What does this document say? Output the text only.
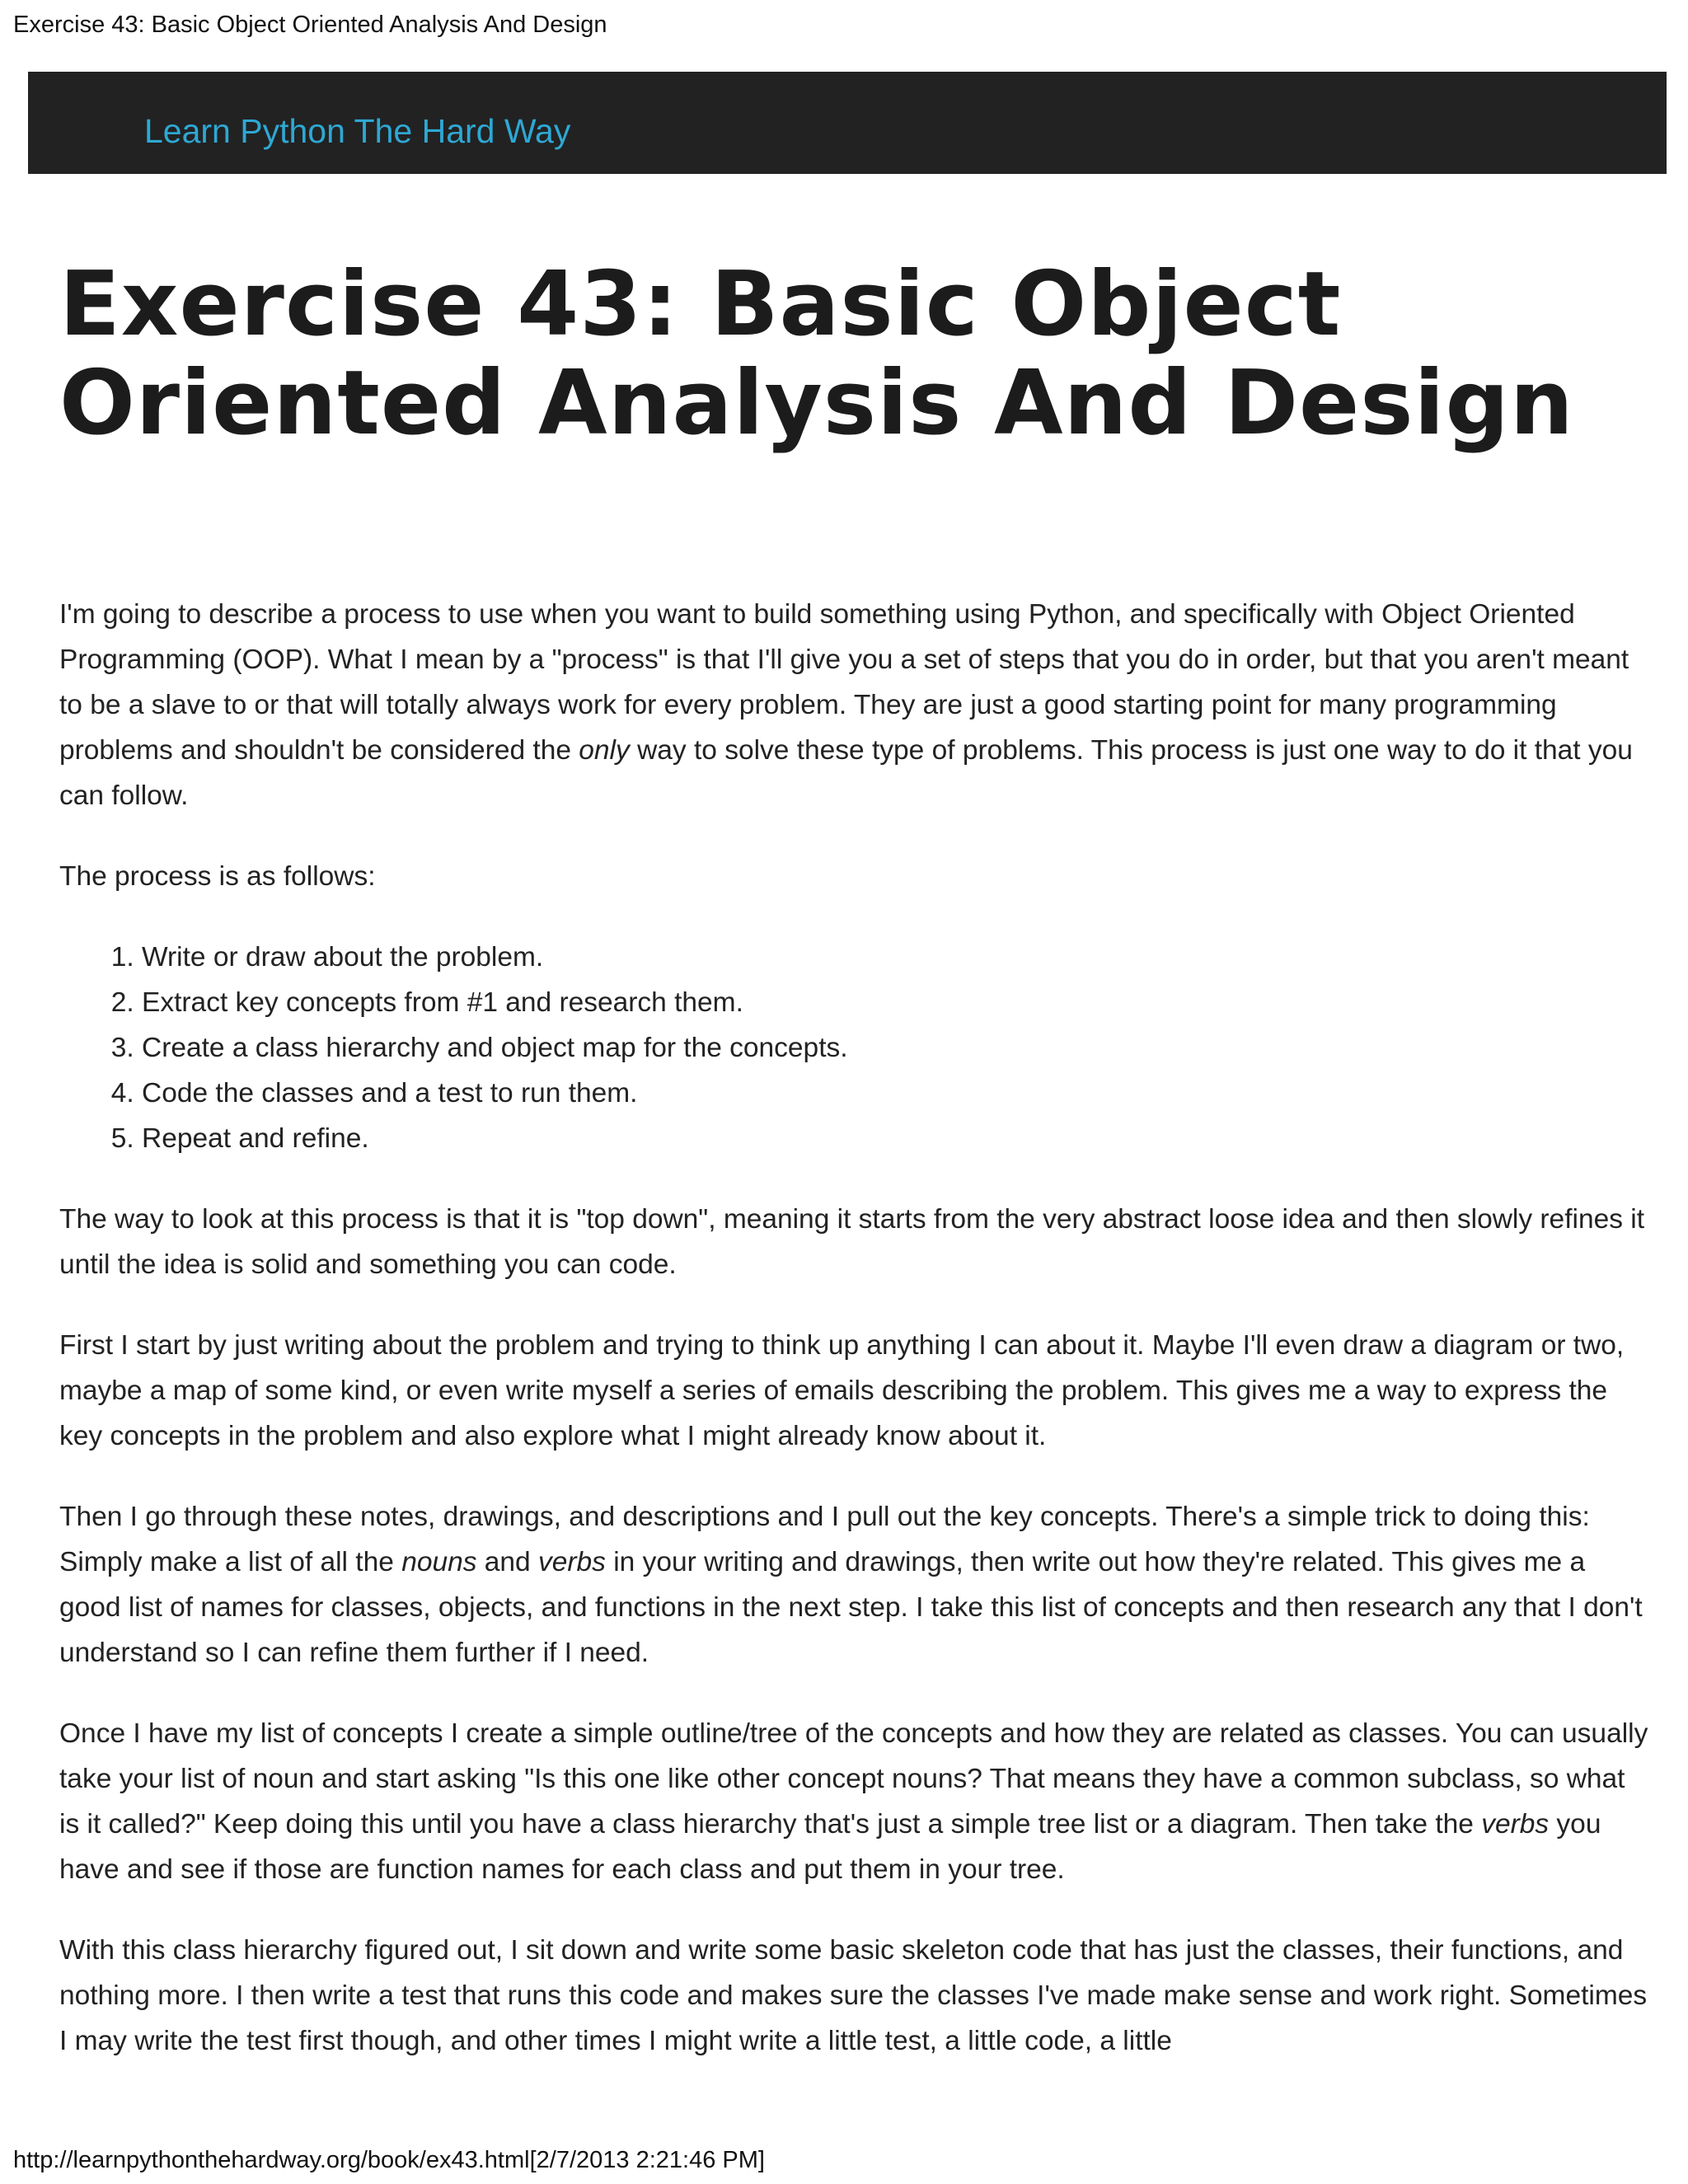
Exercise 43: Basic Object Oriented Analysis And Design
Learn Python The Hard Way
Exercise 43: Basic Object
Oriented Analysis And Design

I'm going to describe a process to use when you want to build something using Python, and specifically with Object Oriented Programming (OOP). What I mean by a "process" is that I'll give you a set of steps that you do in order, but that you aren't meant to be a slave to or that will totally always work for every problem. They are just a good starting point for many programming problems and shouldn't be considered the only way to solve these type of problems. This process is just one way to do it that you can follow.

The process is as follows:

1. Write or draw about the problem.
2. Extract key concepts from #1 and research them.
3. Create a class hierarchy and object map for the concepts.
4. Code the classes and a test to run them.
5. Repeat and refine.

The way to look at this process is that it is "top down", meaning it starts from the very abstract loose idea and then slowly refines it until the idea is solid and something you can code.

First I start by just writing about the problem and trying to think up anything I can about it. Maybe I'll even draw a diagram or two, maybe a map of some kind, or even write myself a series of emails describing the problem. This gives me a way to express the key concepts in the problem and also explore what I might already know about it.

Then I go through these notes, drawings, and descriptions and I pull out the key concepts. There's a simple trick to doing this: Simply make a list of all the nouns and verbs in your writing and drawings, then write out how they're related. This gives me a good list of names for classes, objects, and functions in the next step. I take this list of concepts and then research any that I don't understand so I can refine them further if I need.

Once I have my list of concepts I create a simple outline/tree of the concepts and how they are related as classes. You can usually take your list of noun and start asking "Is this one like other concept nouns? That means they have a common subclass, so what is it called?" Keep doing this until you have a class hierarchy that's just a simple tree list or a diagram. Then take the verbs you have and see if those are function names for each class and put them in your tree.

With this class hierarchy figured out, I sit down and write some basic skeleton code that has just the classes, their functions, and nothing more. I then write a test that runs this code and makes sure the classes I've made make sense and work right. Sometimes I may write the test first though, and other times I might write a little test, a little code, a little

http://learnpythonthehardway.org/book/ex43.html[2/7/2013 2:21:46 PM]
